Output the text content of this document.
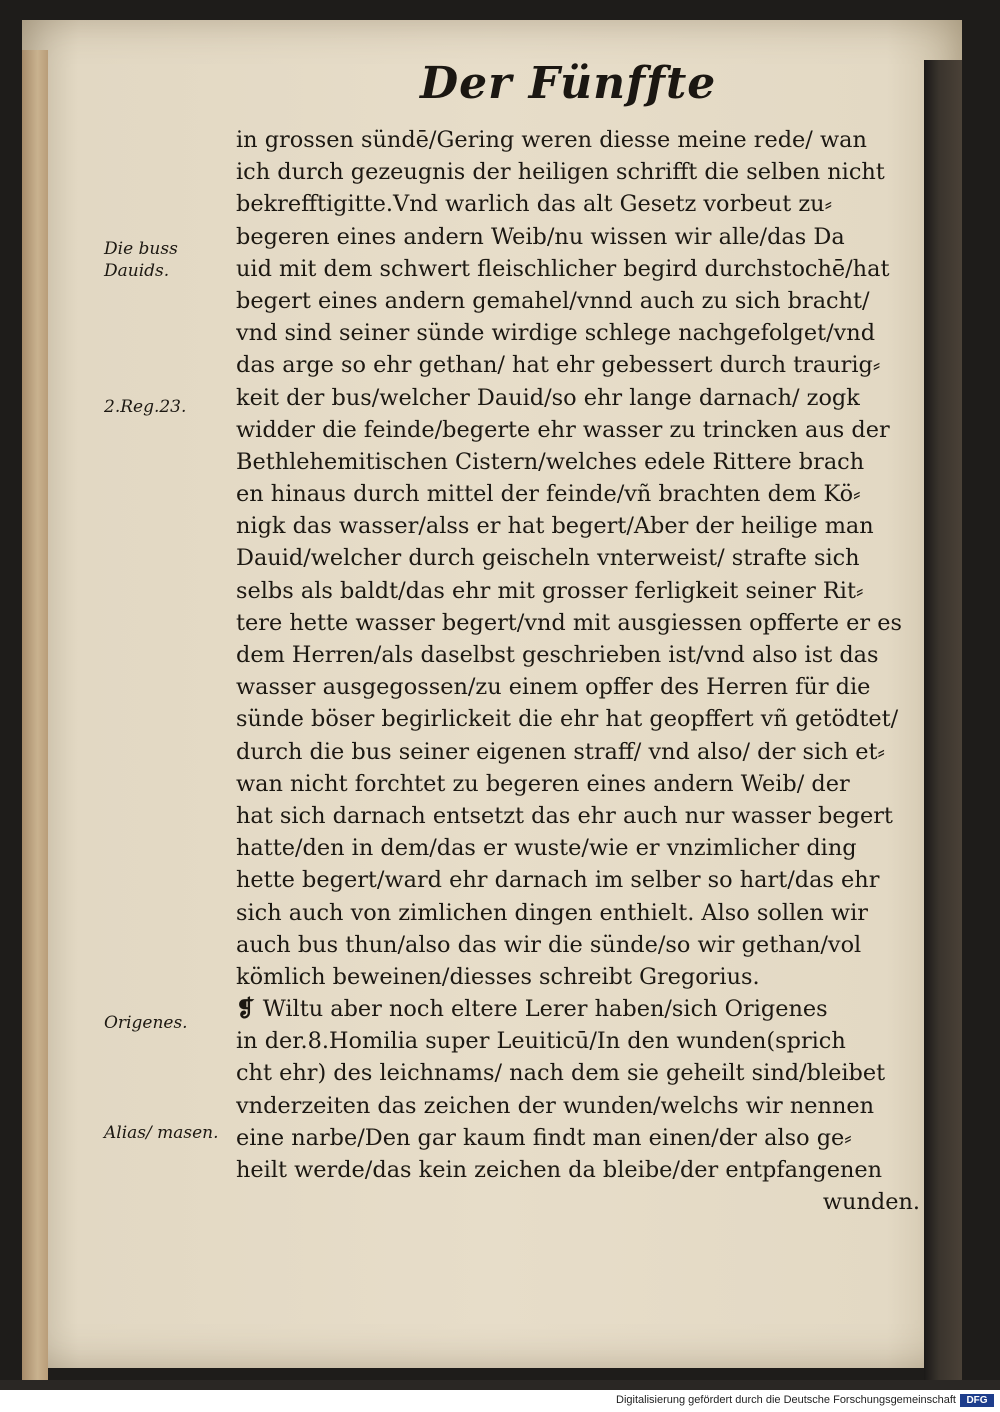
Der Fünffte
Die buss Dauids.
2.Reg.23.
Origenes.
Alias/ masen.
in grossen sündē/Gering weren diesse meine rede/ wan
ich durch gezeugnis der heiligen schrifft die selben nicht
bekrefftigitte.Vnd warlich das alt Gesetz vorbeut zu⸗
begeren eines andern Weib/nu wissen wir alle/das Da
uid mit dem schwert fleischlicher begird durchstochē/hat
begert eines andern gemahel/vnnd auch zu sich bracht/
vnd sind seiner sünde wirdige schlege nachgefolget/vnd
das arge so ehr gethan/ hat ehr gebessert durch traurig⸗
keit der bus/welcher Dauid/so ehr lange darnach/ zogk
widder die feinde/begerte ehr wasser zu trincken aus der
Bethlehemitischen Cistern/welches edele Rittere brach
en hinaus durch mittel der feinde/vñ brachten dem Kö⸗
nigk das wasser/alss er hat begert/Aber der heilige man
Dauid/welcher durch geischeln vnterweist/ strafte sich
selbs als baldt/das ehr mit grosser ferligkeit seiner Rit⸗
tere hette wasser begert/vnd mit ausgiessen opfferte er es
dem Herren/als daselbst geschrieben ist/vnd also ist das
wasser ausgegossen/zu einem opffer des Herren für die
sünde böser begirlickeit die ehr hat geopffert vñ getödtet/
durch die bus seiner eigenen straff/ vnd also/ der sich et⸗
wan nicht forchtet zu begeren eines andern Weib/ der
hat sich darnach entsetzt das ehr auch nur wasser begert
hatte/den in dem/das er wuste/wie er vnzimlicher ding
hette begert/ward ehr darnach im selber so hart/das ehr
sich auch von zimlichen dingen enthielt. Also sollen wir
auch bus thun/also das wir die sünde/so wir gethan/vol
kömlich beweinen/diesses schreibt Gregorius.
❡ Wiltu aber noch eltere Lerer haben/sich Origenes
in der.8.Homilia super Leuiticū/In den wunden(sprich
cht ehr) des leichnams/ nach dem sie geheilt sind/bleibet
vnderzeiten das zeichen der wunden/welchs wir nennen
eine narbe/Den gar kaum findt man einen/der also ge⸗
heilt werde/das kein zeichen da bleibe/der entpfangenen
wunden.
Digitalisierung gefördert durch die Deutsche Forschungsgemeinschaft	DFG
